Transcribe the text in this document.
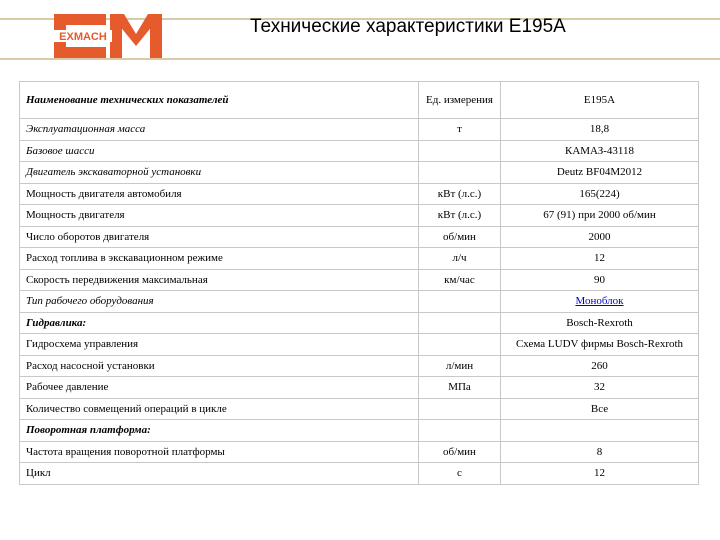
EXMACH	Технические характеристики Е195А
Наименование технических показателей	Ед. измерения	Е195А
Эксплуатационная масса	т	18,8
Базовое шасси		КАМАЗ-43118
Двигатель экскаваторной установки		Deutz BF04M2012
Мощность двигателя автомобиля	кВт (л.с.)	165(224)
Мощность двигателя	кВт (л.с.)	67 (91) при 2000 об/мин
Число оборотов двигателя	об/мин	2000
Расход топлива в экскавационном режиме	л/ч	12
Скорость передвижения максимальная	км/час	90
Тип рабочего оборудования		Моноблок
Гидравлика:		Bosch-Rexroth
Гидросхема управления		Схема LUDV фирмы Bosch-Rexroth
Расход насосной установки	л/мин	260
Рабочее давление	МПа	32
Количество совмещений операций в цикле		Все
Поворотная платформа:		
Частота вращения поворотной платформы	об/мин	8
Цикл	с	12
